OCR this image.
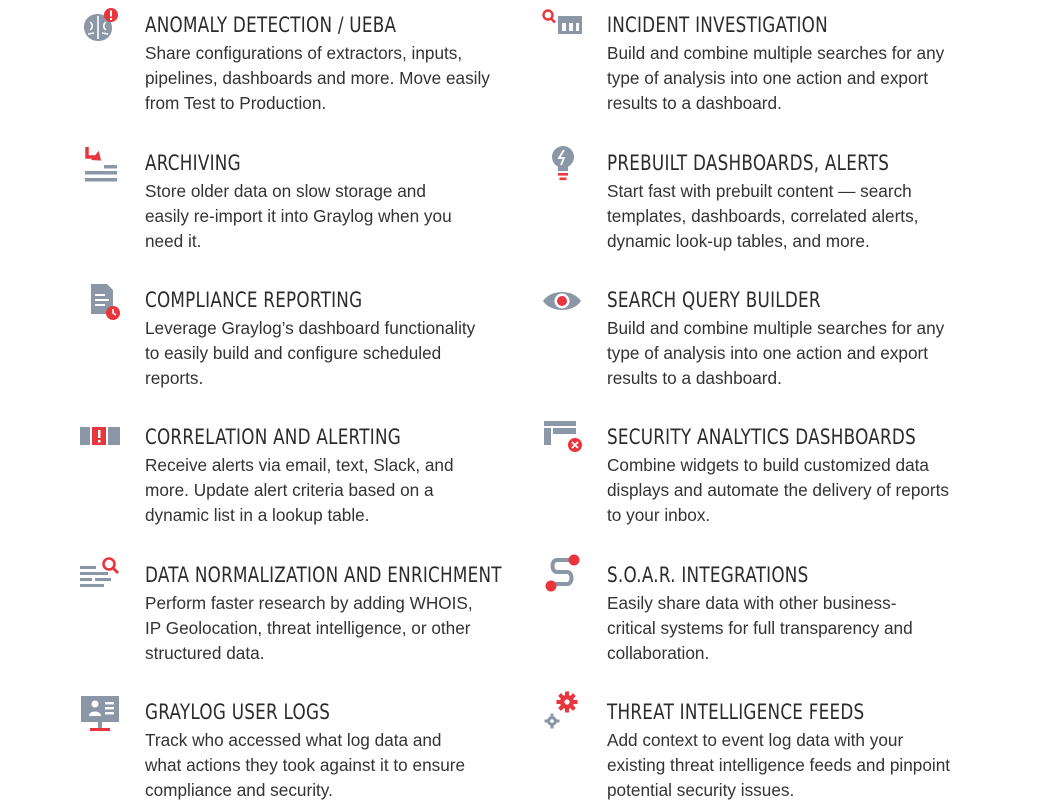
ANOMALY DETECTION / UEBA
Share configurations of extractors, inputs,
pipelines, dashboards and more. Move easily
from Test to Production.
ARCHIVING
Store older data on slow storage and
easily re-import it into Graylog when you
need it.
COMPLIANCE REPORTING
Leverage Graylog’s dashboard functionality
to easily build and configure scheduled
reports.
CORRELATION AND ALERTING
Receive alerts via email, text, Slack, and
more. Update alert criteria based on a
dynamic list in a lookup table.
DATA NORMALIZATION AND ENRICHMENT
Perform faster research by adding WHOIS,
IP Geolocation, threat intelligence, or other
structured data.
GRAYLOG USER LOGS
Track who accessed what log data and
what actions they took against it to ensure
compliance and security.
INCIDENT INVESTIGATION
Build and combine multiple searches for any
type of analysis into one action and export
results to a dashboard.
PREBUILT DASHBOARDS, ALERTS
Start fast with prebuilt content — search
templates, dashboards, correlated alerts,
dynamic look-up tables, and more.
SEARCH QUERY BUILDER
Build and combine multiple searches for any
type of analysis into one action and export
results to a dashboard.
SECURITY ANALYTICS DASHBOARDS
Combine widgets to build customized data
displays and automate the delivery of reports
to your inbox.
S.O.A.R. INTEGRATIONS
Easily share data with other business-
critical systems for full transparency and
collaboration.
THREAT INTELLIGENCE FEEDS
Add context to event log data with your
existing threat intelligence feeds and pinpoint
potential security issues.
